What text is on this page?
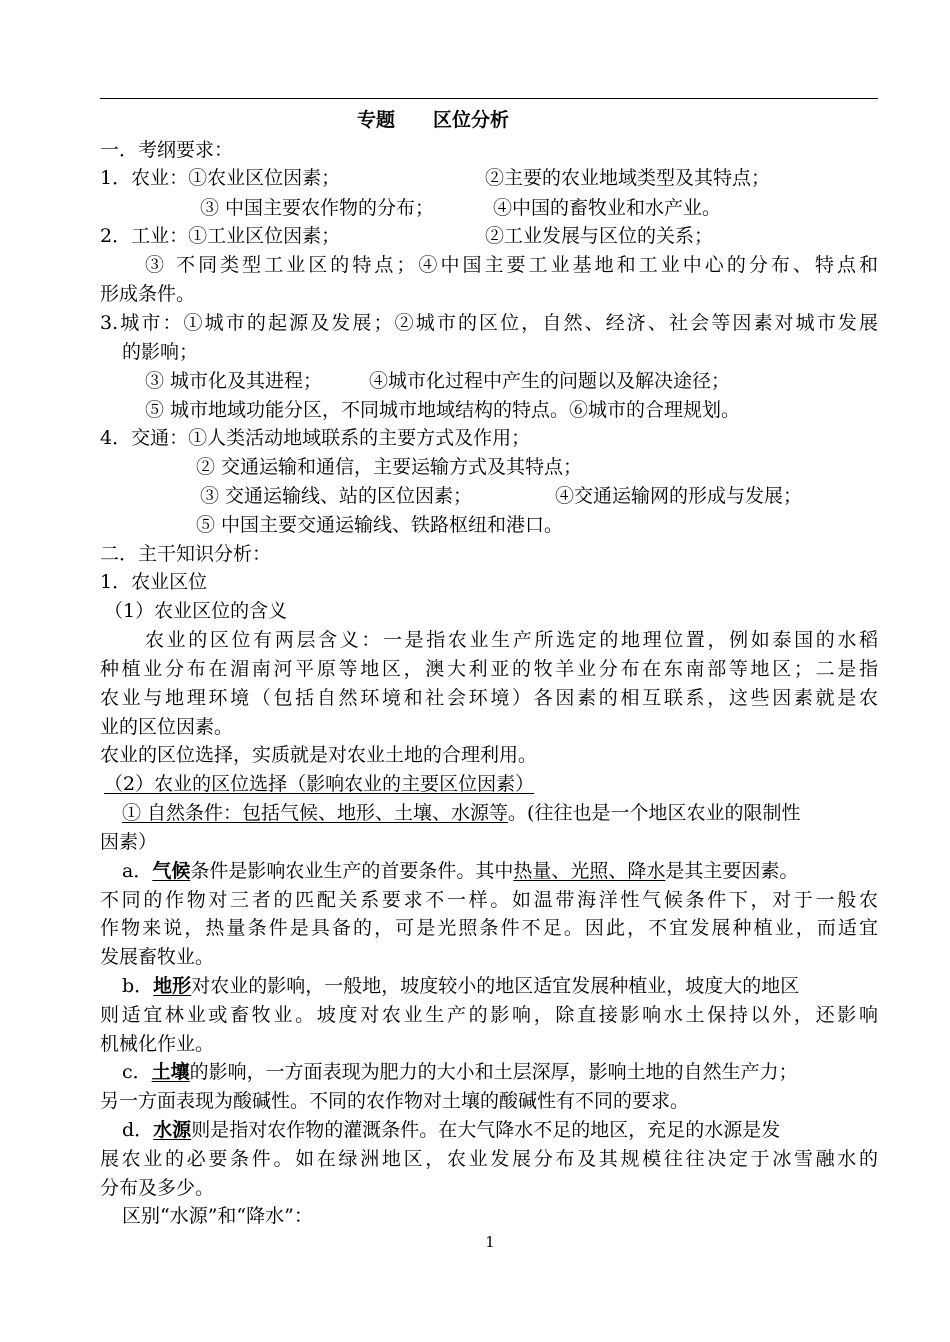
专题 区位分析
一．考纲要求：
1．农业：①农业区位因素；	②主要的农业地域类型及其特点；
③ 中国主要农作物的分布；	④中国的畜牧业和水产业。
2．工业：①工业区位因素；	②工业发展与区位的关系；
③ 不同类型工业区的特点；④中国主要工业基地和工业中心的分布、特点和
形成条件。
3.城市：①城市的起源及发展；②城市的区位，自然、经济、社会等因素对城市发展
的影响；
③ 城市化及其进程； ④城市化过程中产生的问题以及解决途径；
⑤ 城市地域功能分区，不同城市地域结构的特点。⑥城市的合理规划。
4．交通：①人类活动地域联系的主要方式及作用；
② 交通运输和通信，主要运输方式及其特点；
③ 交通运输线、站的区位因素；	④交通运输网的形成与发展；
⑤ 中国主要交通运输线、铁路枢纽和港口。
二．主干知识分析：
1．农业区位
（1）农业区位的含义
农业的区位有两层含义：一是指农业生产所选定的地理位置，例如泰国的水稻
种植业分布在湄南河平原等地区，澳大利亚的牧羊业分布在东南部等地区；二是指
农业与地理环境（包括自然环境和社会环境）各因素的相互联系，这些因素就是农
业的区位因素。
农业的区位选择，实质就是对农业土地的合理利用。
（2）农业的区位选择（影响农业的主要区位因素）
① 自然条件：包括气候、地形、土壤、水源等。(往往也是一个地区农业的限制性
因素）
a．气候条件是影响农业生产的首要条件。其中热量、光照、降水是其主要因素。
不同的作物对三者的匹配关系要求不一样。如温带海洋性气候条件下，对于一般农
作物来说，热量条件是具备的，可是光照条件不足。因此，不宜发展种植业，而适宜
发展畜牧业。
b．地形对农业的影响，一般地，坡度较小的地区适宜发展种植业，坡度大的地区
则适宜林业或畜牧业。坡度对农业生产的影响，除直接影响水土保持以外，还影响
机械化作业。
c．土壤的影响，一方面表现为肥力的大小和土层深厚，影响土地的自然生产力；
另一方面表现为酸碱性。不同的农作物对土壤的酸碱性有不同的要求。
d．水源则是指对农作物的灌溉条件。在大气降水不足的地区，充足的水源是发
展农业的必要条件。如在绿洲地区，农业发展分布及其规模往往决定于冰雪融水的
分布及多少。
区别“水源”和“降水”：
1
